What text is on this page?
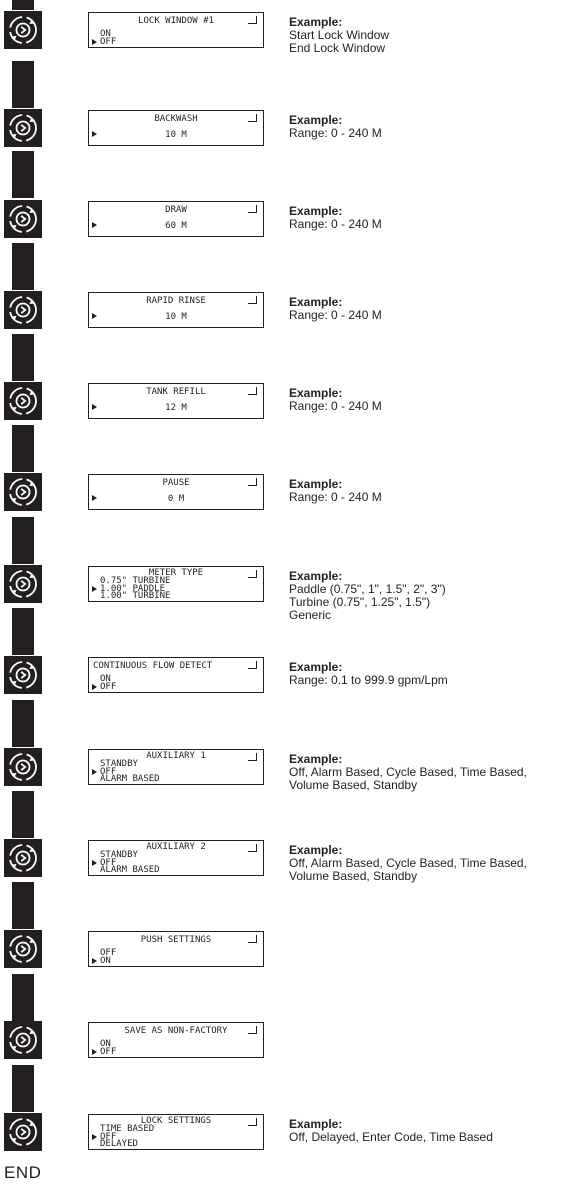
LOCK WINDOW #1
ON
OFF
Example:
Start Lock Window
End Lock Window
BACKWASH
10 M
Example:
Range: 0 - 240 M
DRAW
60 M
Example:
Range: 0 - 240 M
RAPID RINSE
10 M
Example:
Range: 0 - 240 M
TANK REFILL
12 M
Example:
Range: 0 - 240 M
PAUSE
0 M
Example:
Range: 0 - 240 M
METER TYPE
0.75" TURBINE
1.00" PADDLE
1.00" TURBINE
Example:
Paddle (0.75", 1", 1.5", 2", 3")
Turbine (0.75", 1.25", 1.5")
Generic
CONTINUOUS FLOW DETECT
ON
OFF
Example:
Range: 0.1 to 999.9 gpm/Lpm
AUXILIARY 1
STANDBY
OFF
ALARM BASED
Example:
Off, Alarm Based, Cycle Based, Time Based,
Volume Based, Standby
AUXILIARY 2
STANDBY
OFF
ALARM BASED
Example:
Off, Alarm Based, Cycle Based, Time Based,
Volume Based, Standby
PUSH SETTINGS
OFF
ON
SAVE AS NON-FACTORY
ON
OFF
LOCK SETTINGS
TIME BASED
OFF
DELAYED
Example:
Off, Delayed, Enter Code, Time Based
END
